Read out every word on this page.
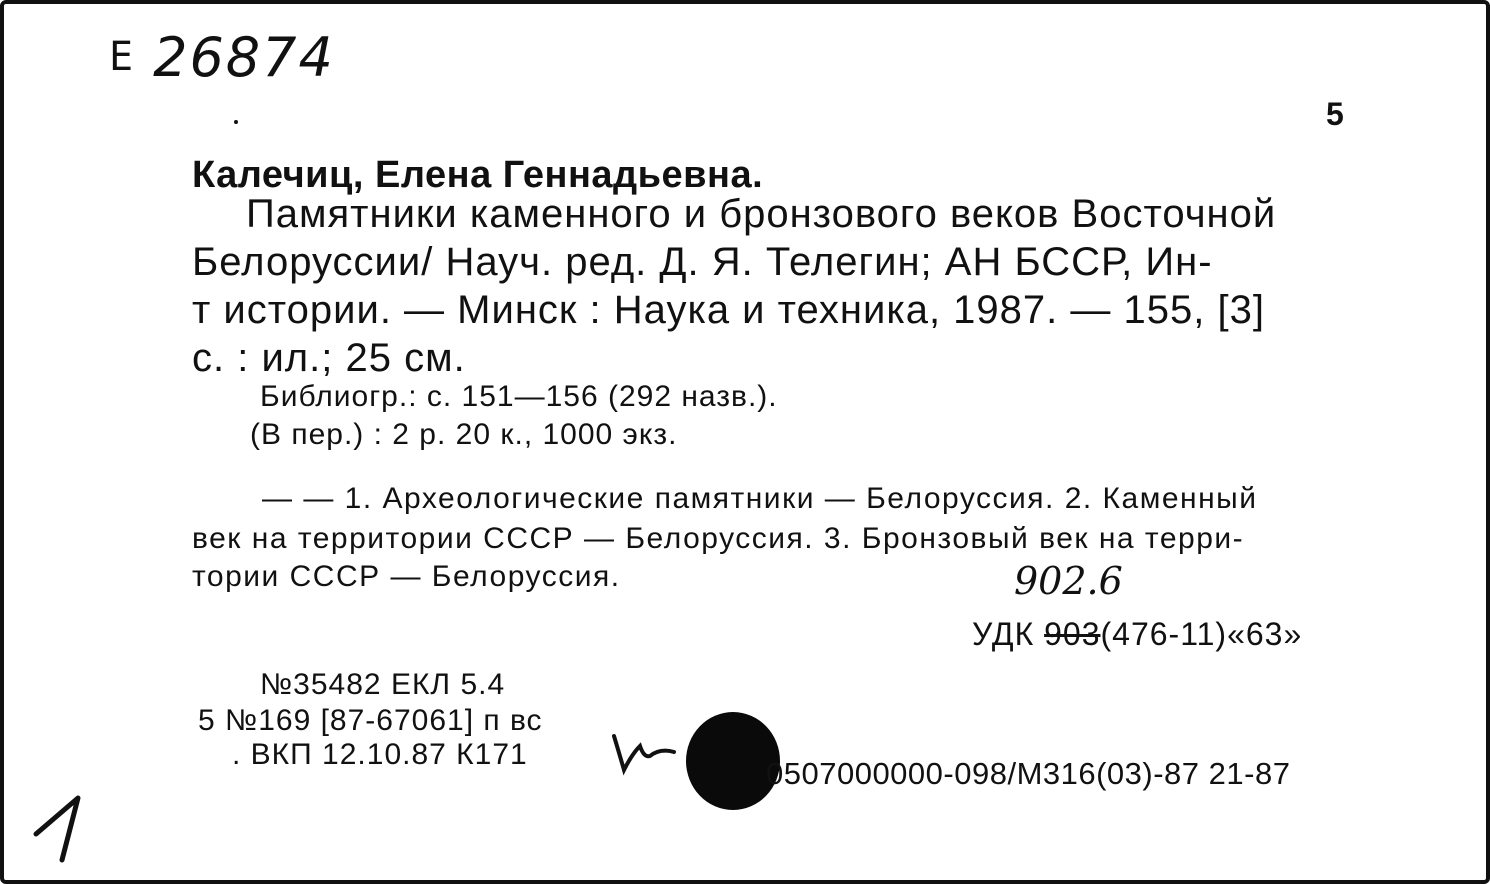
Е 26874
5
Калечиц, Елена Геннадьевна.
Памятники каменного и бронзового веков Восточной
Белоруссии/ Науч. ред. Д. Я. Телегин; АН БССР, Ин-
т истории. — Минск : Наука и техника, 1987. — 155, [3]
с. : ил.; 25 см.
Библиогр.: с. 151—156 (292 назв.).
(В пер.) : 2 р. 20 к., 1000 экз.
— — 1. Археологические памятники — Белоруссия. 2. Каменный
век на территории СССР — Белоруссия. 3. Бронзовый век на терри-
тории СССР — Белоруссия.	902.6
УДК 903(476-11)«63»
№35482 ЕКЛ 5.4
5 №169 [87-67061] п вс
. ВКП 12.10.87 К171
0507000000-098/М316(03)-87 21-87
